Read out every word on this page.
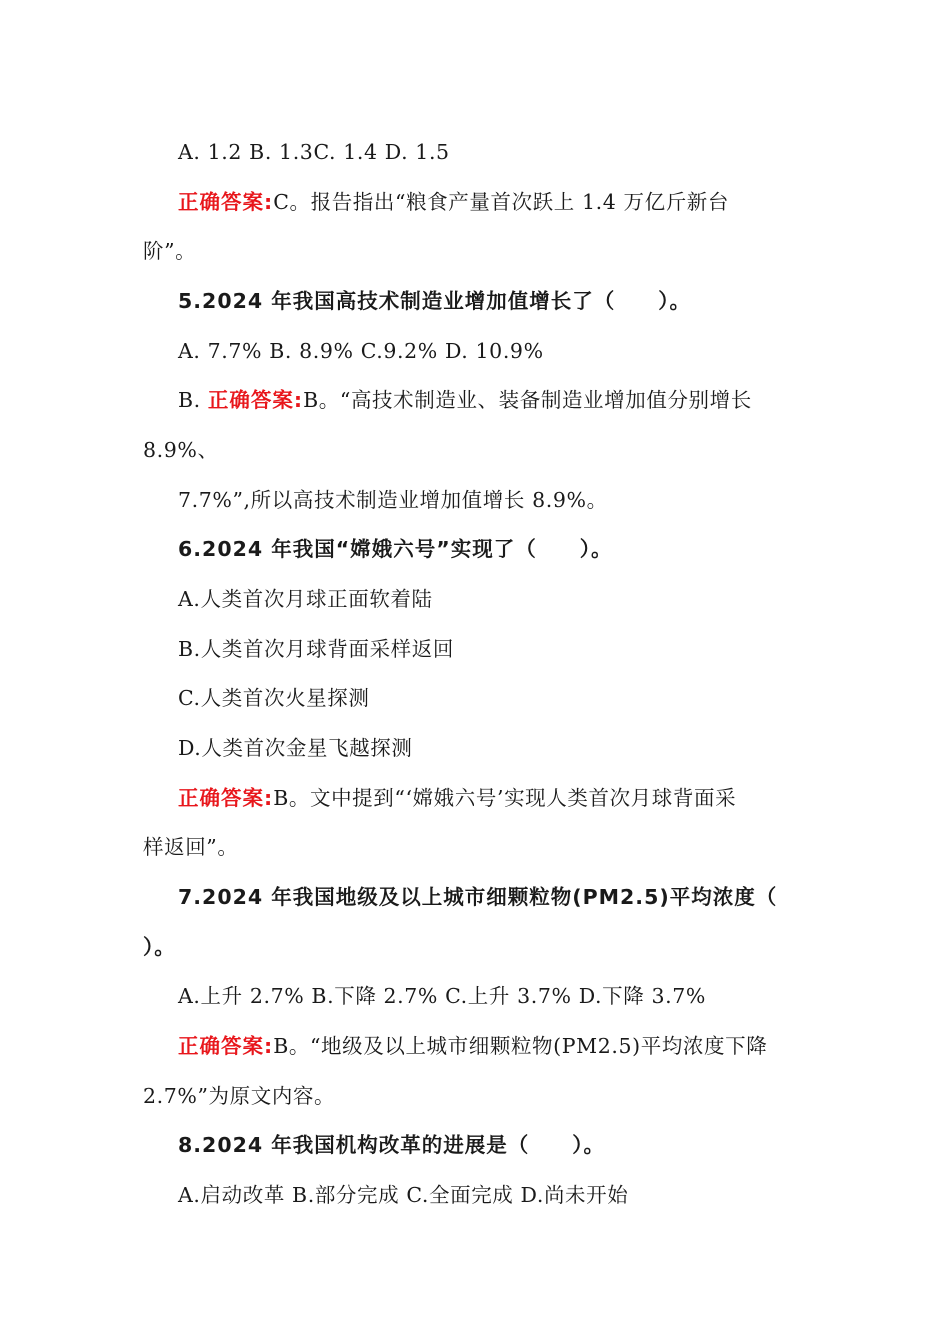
A. 1.2 B. 1.3C. 1.4 D. 1.5
正确答案:C。报告指出“粮食产量首次跃上 1.4 万亿斤新台
阶”。
5.2024 年我国高技术制造业增加值增长了（　　）。
A. 7.7% B. 8.9% C.9.2% D. 10.9%
B. 正确答案:B。“高技术制造业、装备制造业增加值分别增长
8.9%、
7.7%”,所以高技术制造业增加值增长 8.9%。
6.2024 年我国“嫦娥六号”实现了（　　）。
A.人类首次月球正面软着陆
B.人类首次月球背面采样返回
C.人类首次火星探测
D.人类首次金星飞越探测
正确答案:B。文中提到“‘嫦娥六号’实现人类首次月球背面采
样返回”。
7.2024 年我国地级及以上城市细颗粒物(PM2.5)平均浓度（
）。
A.上升 2.7% B.下降 2.7% C.上升 3.7% D.下降 3.7%
正确答案:B。“地级及以上城市细颗粒物(PM2.5)平均浓度下降
2.7%”为原文内容。
8.2024 年我国机构改革的进展是（　　）。
A.启动改革 B.部分完成 C.全面完成 D.尚未开始
